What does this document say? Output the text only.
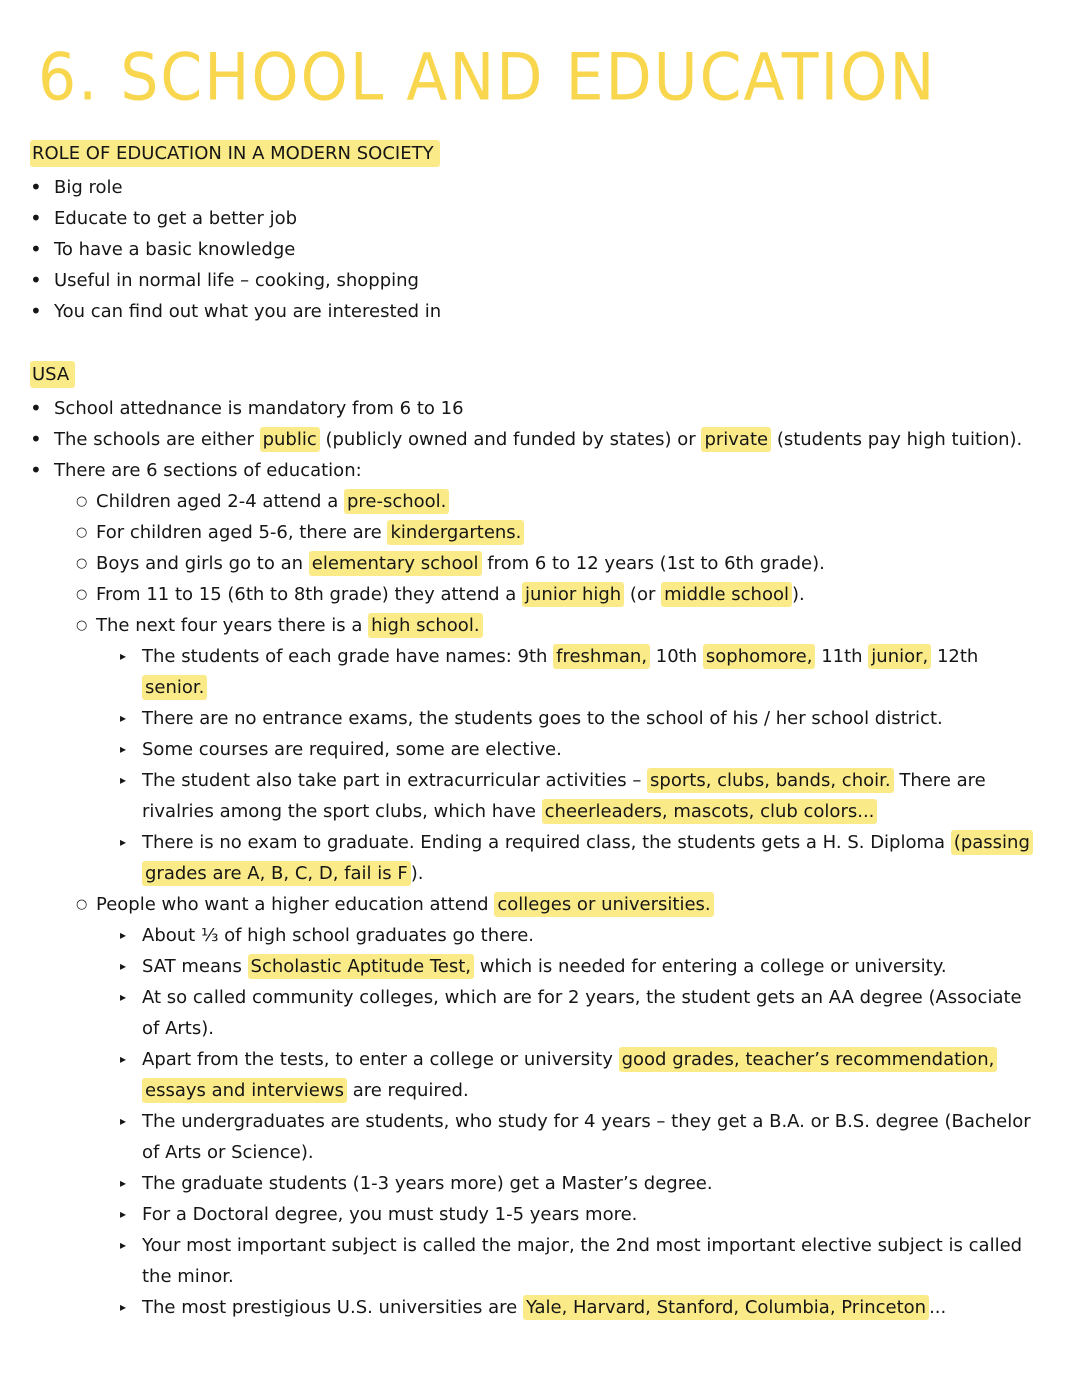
6. SCHOOL AND EDUCATION
ROLE OF EDUCATION IN A MODERN SOCIETY
• Big role
• Educate to get a better job
• To have a basic knowledge
• Useful in normal life – cooking, shopping
• You can find out what you are interested in
USA
• School attednance is mandatory from 6 to 16
• The schools are either public (publicly owned and funded by states) or private (students pay high tuition).
• There are 6 sections of education:
○ Children aged 2-4 attend a pre-school.
○ For children aged 5-6, there are kindergartens.
○ Boys and girls go to an elementary school from 6 to 12 years (1st to 6th grade).
○ From 11 to 15 (6th to 8th grade) they attend a junior high (or middle school ).
○ The next four years there is a high school.
▸ The students of each grade have names: 9th freshman, 10th sophomore, 11th junior, 12th senior.
▸ There are no entrance exams, the students goes to the school of his / her school district.
▸ Some courses are required, some are elective.
▸ The student also take part in extracurricular activities – sports, clubs, bands, choir. There are rivalries among the sport clubs, which have cheerleaders, mascots, club colors...
▸ There is no exam to graduate. Ending a required class, the students gets a H. S. Diploma (passing grades are A, B, C, D, fail is F ).
○ People who want a higher education attend colleges or universities.
▸ About ⅓ of high school graduates go there.
▸ SAT means Scholastic Aptitude Test, which is needed for entering a college or university.
▸ At so called community colleges, which are for 2 years, the student gets an AA degree (Associate of Arts).
▸ Apart from the tests, to enter a college or university good grades, teacher’s recommendation, essays and interviews are required.
▸ The undergraduates are students, who study for 4 years – they get a B.A. or B.S. degree (Bachelor of Arts or Science).
▸ The graduate students (1-3 years more) get a Master’s degree.
▸ For a Doctoral degree, you must study 1-5 years more.
▸ Your most important subject is called the major, the 2nd most important elective subject is called the minor.
▸ The most prestigious U.S. universities are Yale, Harvard, Stanford, Columbia, Princeton ...
